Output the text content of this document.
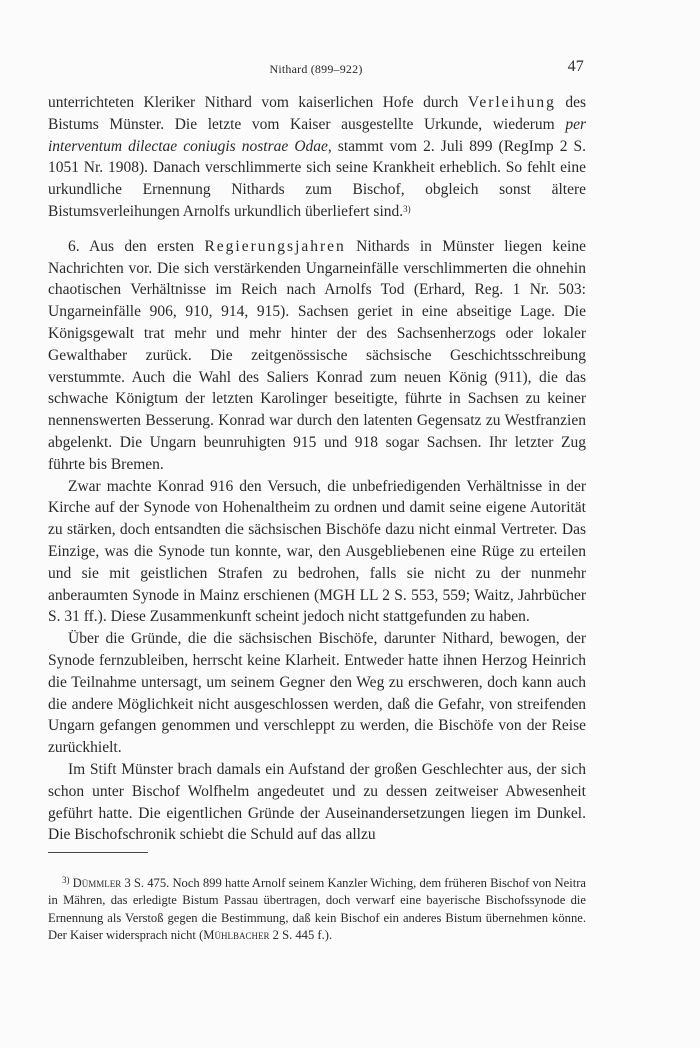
Nithard (899–922)	47

unterrichteten Kleriker Nithard vom kaiserlichen Hofe durch Verleihung des Bistums Münster. Die letzte vom Kaiser ausgestellte Urkunde, wiederum per interventum dilectae coniugis nostrae Odae, stammt vom 2. Juli 899 (RegImp 2 S. 1051 Nr. 1908). Danach verschlimmerte sich seine Krankheit erheblich. So fehlt eine urkundliche Ernennung Nithards zum Bischof, obgleich sonst ältere Bistumsverleihungen Arnolfs urkundlich überliefert sind.$^{3)}$

6. Aus den ersten Regierungsjahren Nithards in Münster liegen keine Nachrichten vor. Die sich verstärkenden Ungarneinfälle verschlimmerten die ohnehin chaotischen Verhältnisse im Reich nach Arnolfs Tod (Erhard, Reg. 1 Nr. 503: Ungarneinfälle 906, 910, 914, 915). Sachsen geriet in eine abseitige Lage. Die Königsgewalt trat mehr und mehr hinter der des Sachsenherzogs oder lokaler Gewalthaber zurück. Die zeitgenössische sächsische Geschichtsschreibung verstummte. Auch die Wahl des Saliers Konrad zum neuen König (911), die das schwache Königtum der letzten Karolinger beseitigte, führte in Sachsen zu keiner nennenswerten Besserung. Konrad war durch den latenten Gegensatz zu Westfranzien abgelenkt. Die Ungarn beunruhigten 915 und 918 sogar Sachsen. Ihr letzter Zug führte bis Bremen.

Zwar machte Konrad 916 den Versuch, die unbefriedigenden Verhältnisse in der Kirche auf der Synode von Hohenaltheim zu ordnen und damit seine eigene Autorität zu stärken, doch entsandten die sächsischen Bischöfe dazu nicht einmal Vertreter. Das Einzige, was die Synode tun konnte, war, den Ausgebliebenen eine Rüge zu erteilen und sie mit geistlichen Strafen zu bedrohen, falls sie nicht zu der nunmehr anberaumten Synode in Mainz erschienen (MGH LL 2 S. 553, 559; Waitz, Jahrbücher S. 31 ff.). Diese Zusammenkunft scheint jedoch nicht stattgefunden zu haben.

Über die Gründe, die die sächsischen Bischöfe, darunter Nithard, bewogen, der Synode fernzubleiben, herrscht keine Klarheit. Entweder hatte ihnen Herzog Heinrich die Teilnahme untersagt, um seinem Gegner den Weg zu erschweren, doch kann auch die andere Möglichkeit nicht ausgeschlossen werden, daß die Gefahr, von streifenden Ungarn gefangen genommen und verschleppt zu werden, die Bischöfe von der Reise zurückhielt.

Im Stift Münster brach damals ein Aufstand der großen Geschlechter aus, der sich schon unter Bischof Wolfhelm angedeutet und zu dessen zeitweiser Abwesenheit geführt hatte. Die eigentlichen Gründe der Auseinandersetzungen liegen im Dunkel. Die Bischofschronik schiebt die Schuld auf das allzu

$^{3)}$ Dümmler 3 S. 475. Noch 899 hatte Arnolf seinem Kanzler Wiching, dem früheren Bischof von Neitra in Mähren, das erledigte Bistum Passau übertragen, doch verwarf eine bayerische Bischofssynode die Ernennung als Verstoß gegen die Bestimmung, daß kein Bischof ein anderes Bistum übernehmen könne. Der Kaiser widersprach nicht (Mühlbacher 2 S. 445 f.).
